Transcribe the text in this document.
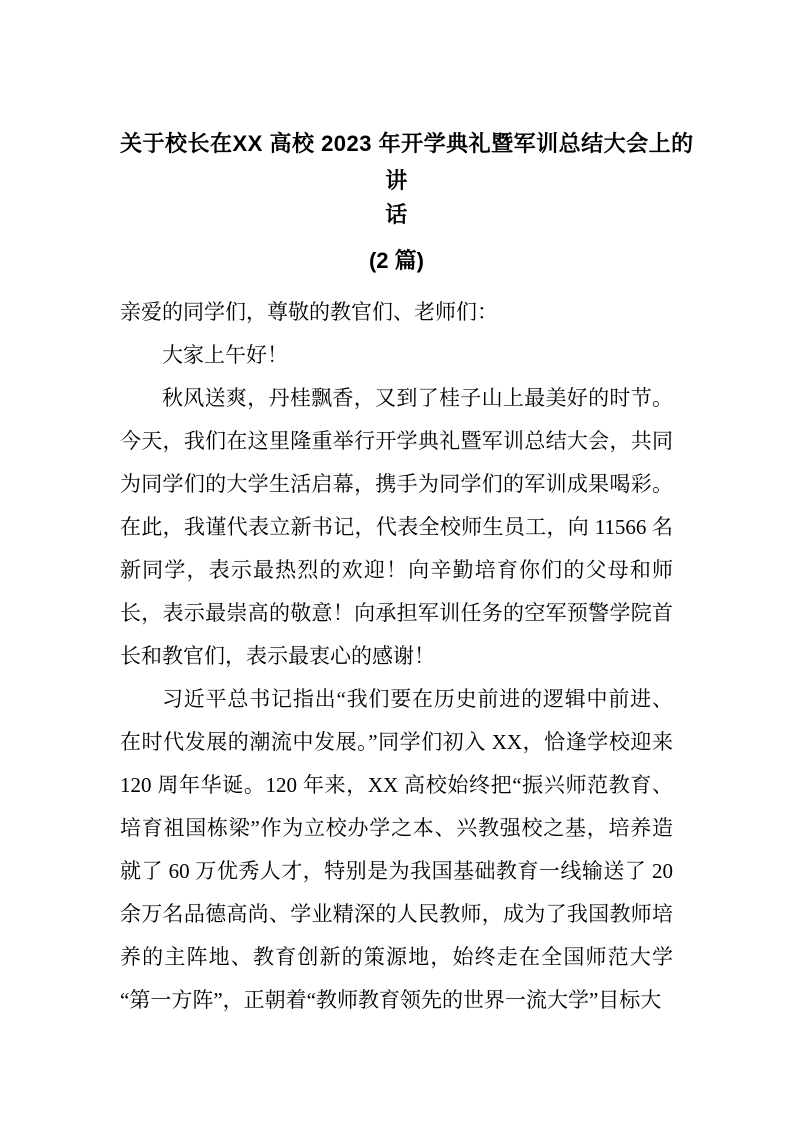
关于校长在XX 高校 2023 年开学典礼暨军训总结大会上的
讲
话
(2 篇)

亲爱的同学们，尊敬的教官们、老师们：

大家上午好！

秋风送爽，丹桂飘香，又到了桂子山上最美好的时节。今天，我们在这里隆重举行开学典礼暨军训总结大会，共同为同学们的大学生活启幕，携手为同学们的军训成果喝彩。在此，我谨代表立新书记，代表全校师生员工，向 11566 名新同学，表示最热烈的欢迎！向辛勤培育你们的父母和师长，表示最崇高的敬意！向承担军训任务的空军预警学院首长和教官们，表示最衷心的感谢！

习近平总书记指出“我们要在历史前进的逻辑中前进、在时代发展的潮流中发展。”同学们初入 XX，恰逢学校迎来 120 周年华诞。120 年来，XX 高校始终把“振兴师范教育、培育祖国栋梁”作为立校办学之本、兴教强校之基，培养造就了 60 万优秀人才，特别是为我国基础教育一线输送了 20 余万名品德高尚、学业精深的人民教师，成为了我国教师培养的主阵地、教育创新的策源地，始终走在全国师范大学“第一方阵”，正朝着“教师教育领先的世界一流大学”目标大
